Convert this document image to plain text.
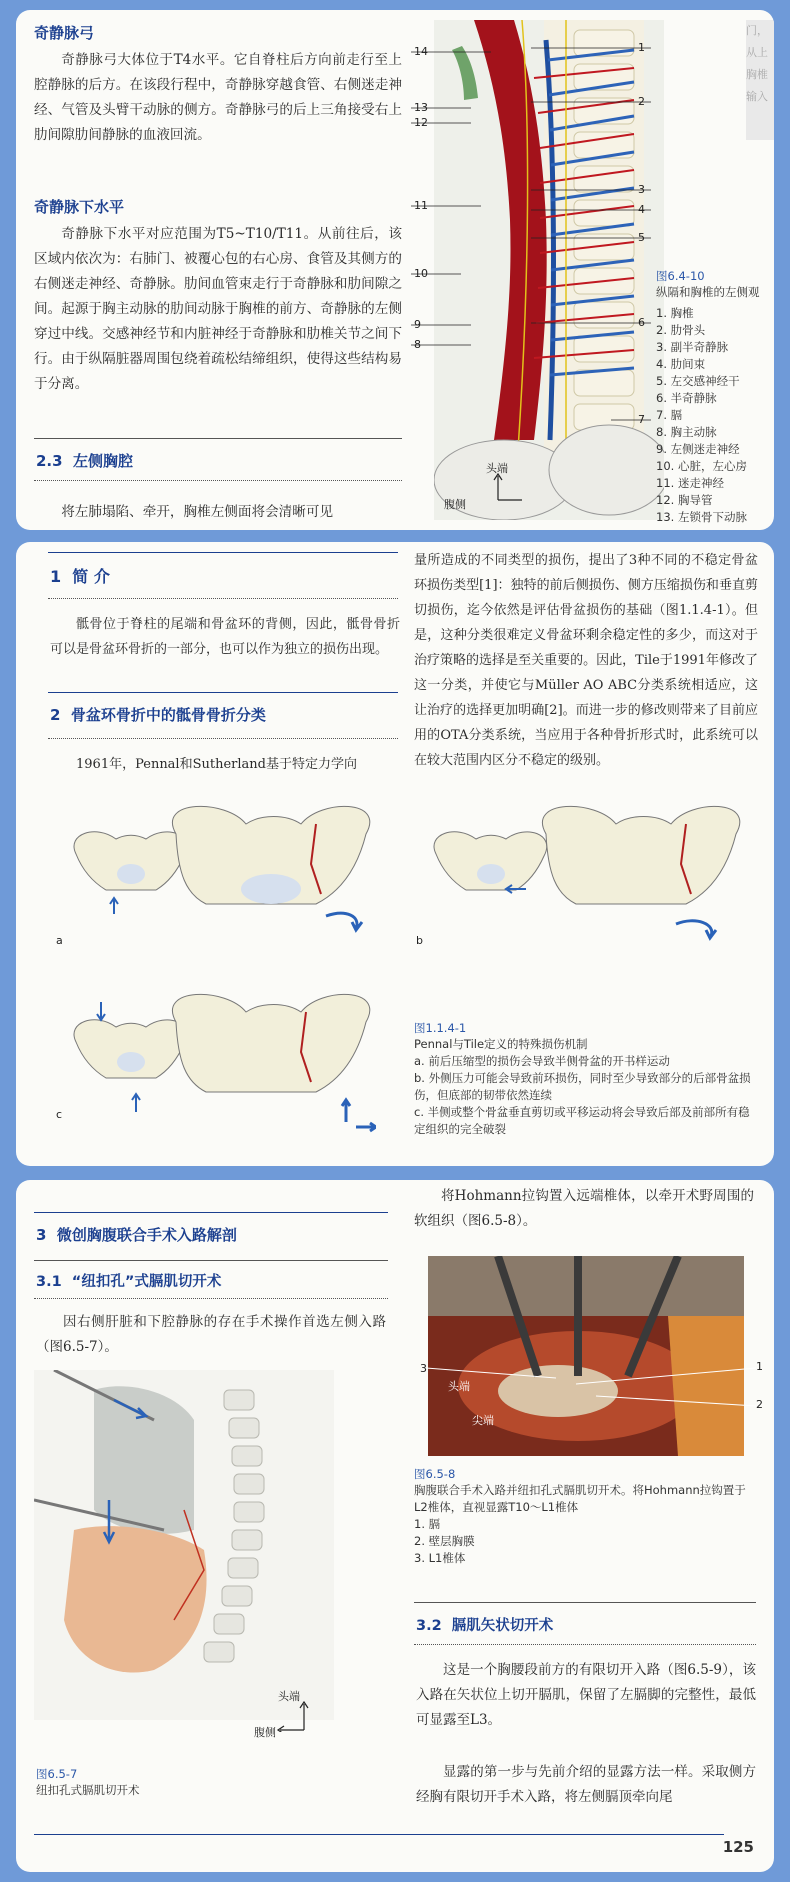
奇静脉弓
奇静脉弓大体位于T4水平。它自脊柱后方向前走行至上腔静脉的后方。在该段行程中，奇静脉穿越食管、右侧迷走神经、气管及头臂干动脉的侧方。奇静脉弓的后上三角接受右上肋间隙肋间静脉的血液回流。
奇静脉下水平
奇静脉下水平对应范围为T5~T10/T11。从前往后，该区域内依次为：右肺门、被覆心包的右心房、食管及其侧方的右侧迷走神经、奇静脉。肋间血管束走行于奇静脉和肋间隙之间。起源于胸主动脉的肋间动脉于胸椎的前方、奇静脉的左侧穿过中线。交感神经节和内脏神经于奇静脉和肋椎关节之间下行。由于纵隔脏器周围包绕着疏松结缔组织，使得这些结构易于分离。
2.3 左侧胸腔
将左肺塌陷、牵开，胸椎左侧面将会清晰可见
14
13
12
11
10
9
8
1
2
3
4
5
6
7
头端
腹侧
图6.4-10
纵隔和胸椎的左侧观
1. 胸椎
2. 肋骨头
3. 副半奇静脉
4. 肋间束
5. 左交感神经干
6. 半奇静脉
7. 膈
8. 胸主动脉
9. 左侧迷走神经
10. 心脏，左心房
11. 迷走神经
12. 胸导管
13. 左锁骨下动脉
门，从上
胸椎
输入
1 简 介
骶骨位于脊柱的尾端和骨盆环的背侧，因此，骶骨骨折可以是骨盆环骨折的一部分，也可以作为独立的损伤出现。
2 骨盆环骨折中的骶骨骨折分类
1961年，Pennal和Sutherland基于特定力学向
量所造成的不同类型的损伤，提出了3种不同的不稳定骨盆环损伤类型[1]：独特的前后侧损伤、侧方压缩损伤和垂直剪切损伤，迄今依然是评估骨盆损伤的基础（图1.1.4-1）。但是，这种分类很难定义骨盆环剩余稳定性的多少，而这对于治疗策略的选择是至关重要的。因此，Tile于1991年修改了这一分类，并使它与Müller AO ABC分类系统相适应，这让治疗的选择更加明确[2]。而进一步的修改则带来了目前应用的OTA分类系统，当应用于各种骨折形式时，此系统可以在较大范围内区分不稳定的级别。
a	b
c
图1.1.4-1
Pennal与Tile定义的特殊损伤机制
a. 前后压缩型的损伤会导致半侧骨盆的开书样运动
b. 外侧压力可能会导致前环损伤，同时至少导致部分的后部骨盆损伤，但底部的韧带依然连续
c. 半侧或整个骨盆垂直剪切或平移运动将会导致后部及前部所有稳定组织的完全破裂
将Hohmann拉钩置入远端椎体，以牵开术野周围的软组织（图6.5-8）。
3 微创胸腹联合手术入路解剖
3.1 “纽扣孔”式膈肌切开术
因右侧肝脏和下腔静脉的存在手术操作首选左侧入路（图6.5-7）。
头端
腹侧
图6.5-7
纽扣孔式膈肌切开术
3	1
2
头端
尖端
图6.5-8
胸腹联合手术入路并纽扣孔式膈肌切开术。将Hohmann拉钩置于L2椎体，直视显露T10～L1椎体
1. 膈
2. 壁层胸膜
3. L1椎体
3.2 膈肌矢状切开术
这是一个胸腰段前方的有限切开入路（图6.5-9），该入路在矢状位上切开膈肌，保留了左膈脚的完整性，最低可显露至L3。
显露的第一步与先前介绍的显露方法一样。采取侧方经胸有限切开手术入路，将左侧膈顶牵向尾
125
